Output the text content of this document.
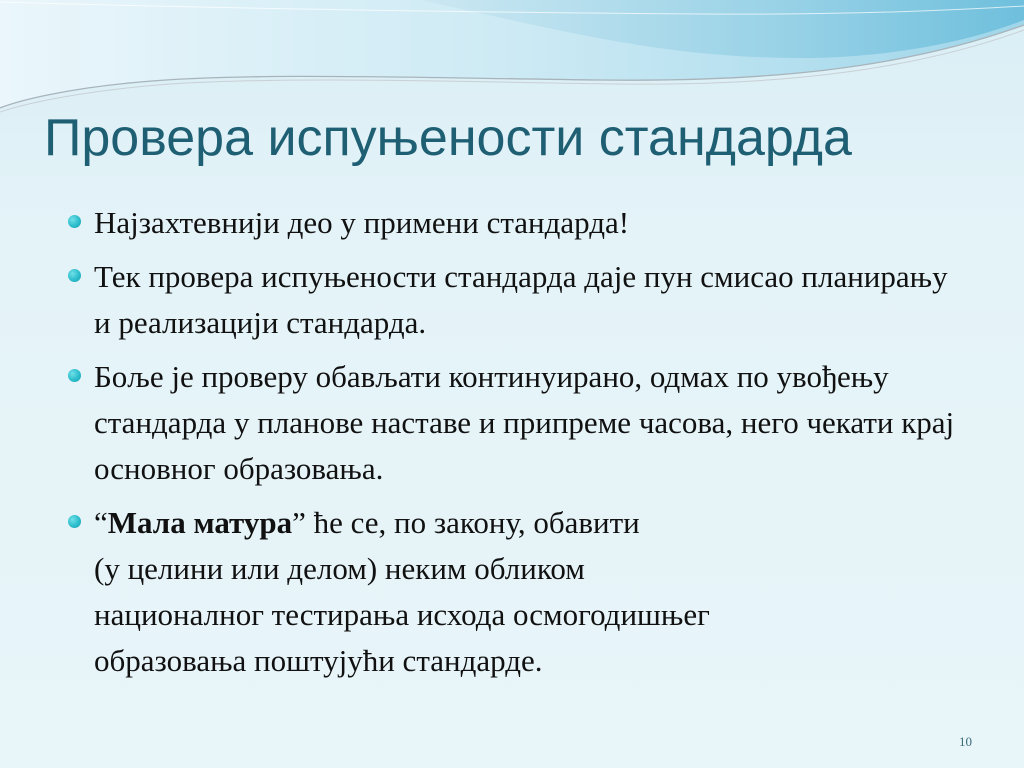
Провера испуњености стандарда
Најзахтевнији део у примени стандарда!
Тек провера испуњености стандарда даје пун смисао планирању и реализацији стандарда.
Боље је проверу обављати континуирано, одмах по увођењу стандарда у планове наставе и припреме часова, него чекати крај основног образовања.
“Мала матура” ће се, по закону, обавити
(у целини или делом) неким обликом
националног тестирања исхода осмогодишњег
образовања поштујући стандарде.
10
